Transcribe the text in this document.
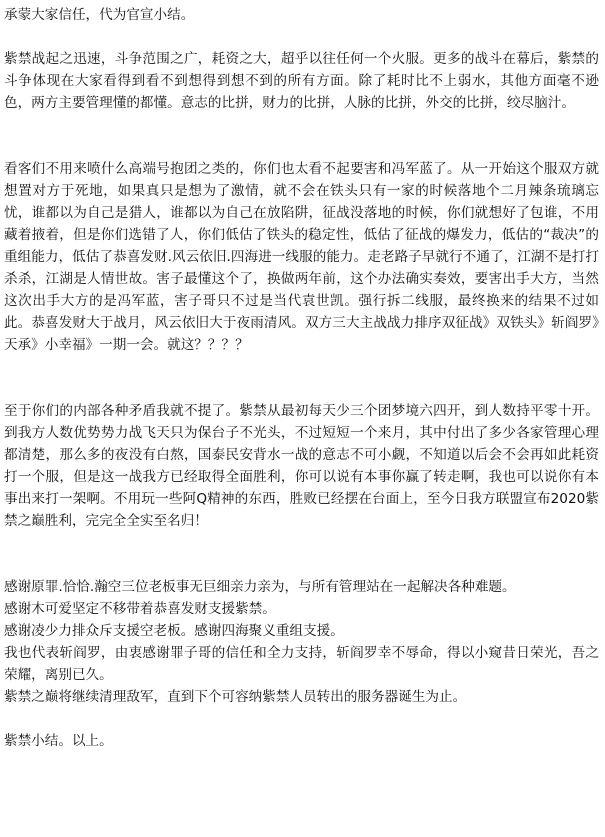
承蒙大家信任，代为官宣小结。

紫禁战起之迅速，斗争范围之广，耗资之大，超乎以往任何一个火服。更多的战斗在幕后，紫禁的斗争体现在大家看得到看不到想得到想不到的所有方面。除了耗时比不上弱水，其他方面毫不逊色，两方主要管理懂的都懂。意志的比拼，财力的比拼，人脉的比拼，外交的比拼，绞尽脑汁。

看客们不用来喷什么高端号抱团之类的，你们也太看不起要害和冯军蓝了。从一开始这个服双方就想置对方于死地，如果真只是想为了激情，就不会在铁头只有一家的时候落地个二月辣条琉璃忘忧，谁都以为自己是猎人，谁都以为自己在放陷阱，征战没落地的时候，你们就想好了包谁，不用藏着掖着，但是你们选错了人，你们低估了铁头的稳定性，低估了征战的爆发力，低估的“裁决”的重组能力，低估了恭喜发财.风云依旧.四海进一线服的能力。走老路子早就行不通了，江湖不是打打杀杀，江湖是人情世故。害子最懂这个了，换做两年前，这个办法确实奏效，要害出手大方，当然这次出手大方的是冯军蓝，害子哥只不过是当代袁世凯。强行拆二线服，最终换来的结果不过如此。恭喜发财大于战月，风云依旧大于夜雨清风。双方三大主战战力排序双征战》双铁头》斩阎罗》天承》小幸福》一期一会。就这？？？？

至于你们的内部各种矛盾我就不提了。紫禁从最初每天少三个团梦境六四开，到人数持平零十开。到我方人数优势势力战飞天只为保台子不光头，不过短短一个来月，其中付出了多少各家管理心理都清楚，那么多的夜没有白熬，国泰民安背水一战的意志不可小觑，不知道以后会不会再如此耗资打一个服，但是这一战我方已经取得全面胜利，你可以说有本事你赢了转走啊，我也可以说你有本事出来打一架啊。不用玩一些阿Q精神的东西，胜败已经摆在台面上，至今日我方联盟宣布2020紫禁之巅胜利，完完全全实至名归！

感谢原罪.恰恰.瀚空三位老板事无巨细亲力亲为，与所有管理站在一起解决各种难题。
感谢木可爱坚定不移带着恭喜发财支援紫禁。
感谢凌少力排众斥支援空老板。感谢四海聚义重组支援。
我也代表斩阎罗，由衷感谢罪子哥的信任和全力支持，斩阎罗幸不辱命，得以小窥昔日荣光，吾之荣耀，离别已久。
紫禁之巅将继续清理敌军，直到下个可容纳紫禁人员转出的服务器诞生为止。

紫禁小结。以上。
